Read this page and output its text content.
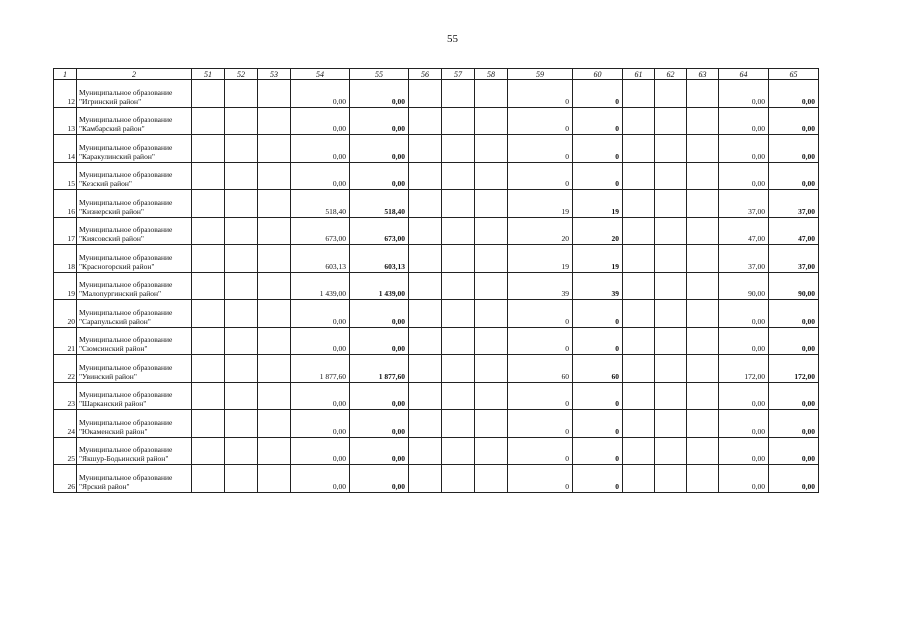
55
1	2	51	52	53	54	55	56	57	58	59	60	61	62	63	64	65
12	Муниципальное образование
"Игринский район"				0,00	0,00				0	0				0,00	0,00
13	Муниципальное образование
"Камбарский район"				0,00	0,00				0	0				0,00	0,00
14	Муниципальное образование
"Каракулинский район"				0,00	0,00				0	0				0,00	0,00
15	Муниципальное образование
"Кезский район"				0,00	0,00				0	0				0,00	0,00
16	Муниципальное образование
"Кизнерский район"				518,40	518,40				19	19				37,00	37,00
17	Муниципальное образование
"Киясовский район"				673,00	673,00				20	20				47,00	47,00
18	Муниципальное образование
"Красногорский район"				603,13	603,13				19	19				37,00	37,00
19	Муниципальное образование
"Малопургинский район"				1 439,00	1 439,00				39	39				90,00	90,00
20	Муниципальное образование
"Сарапульский район"				0,00	0,00				0	0				0,00	0,00
21	Муниципальное образование
"Сюмсинский район"				0,00	0,00				0	0				0,00	0,00
22	Муниципальное образование
"Увинский район"				1 877,60	1 877,60				60	60				172,00	172,00
23	Муниципальное образование
"Шарканский район"				0,00	0,00				0	0				0,00	0,00
24	Муниципальное образование
"Юкаменский район"				0,00	0,00				0	0				0,00	0,00
25	Муниципальное образование
"Якшур-Бодьинский район"				0,00	0,00				0	0				0,00	0,00
26	Муниципальное образование
"Ярский район"				0,00	0,00				0	0				0,00	0,00
